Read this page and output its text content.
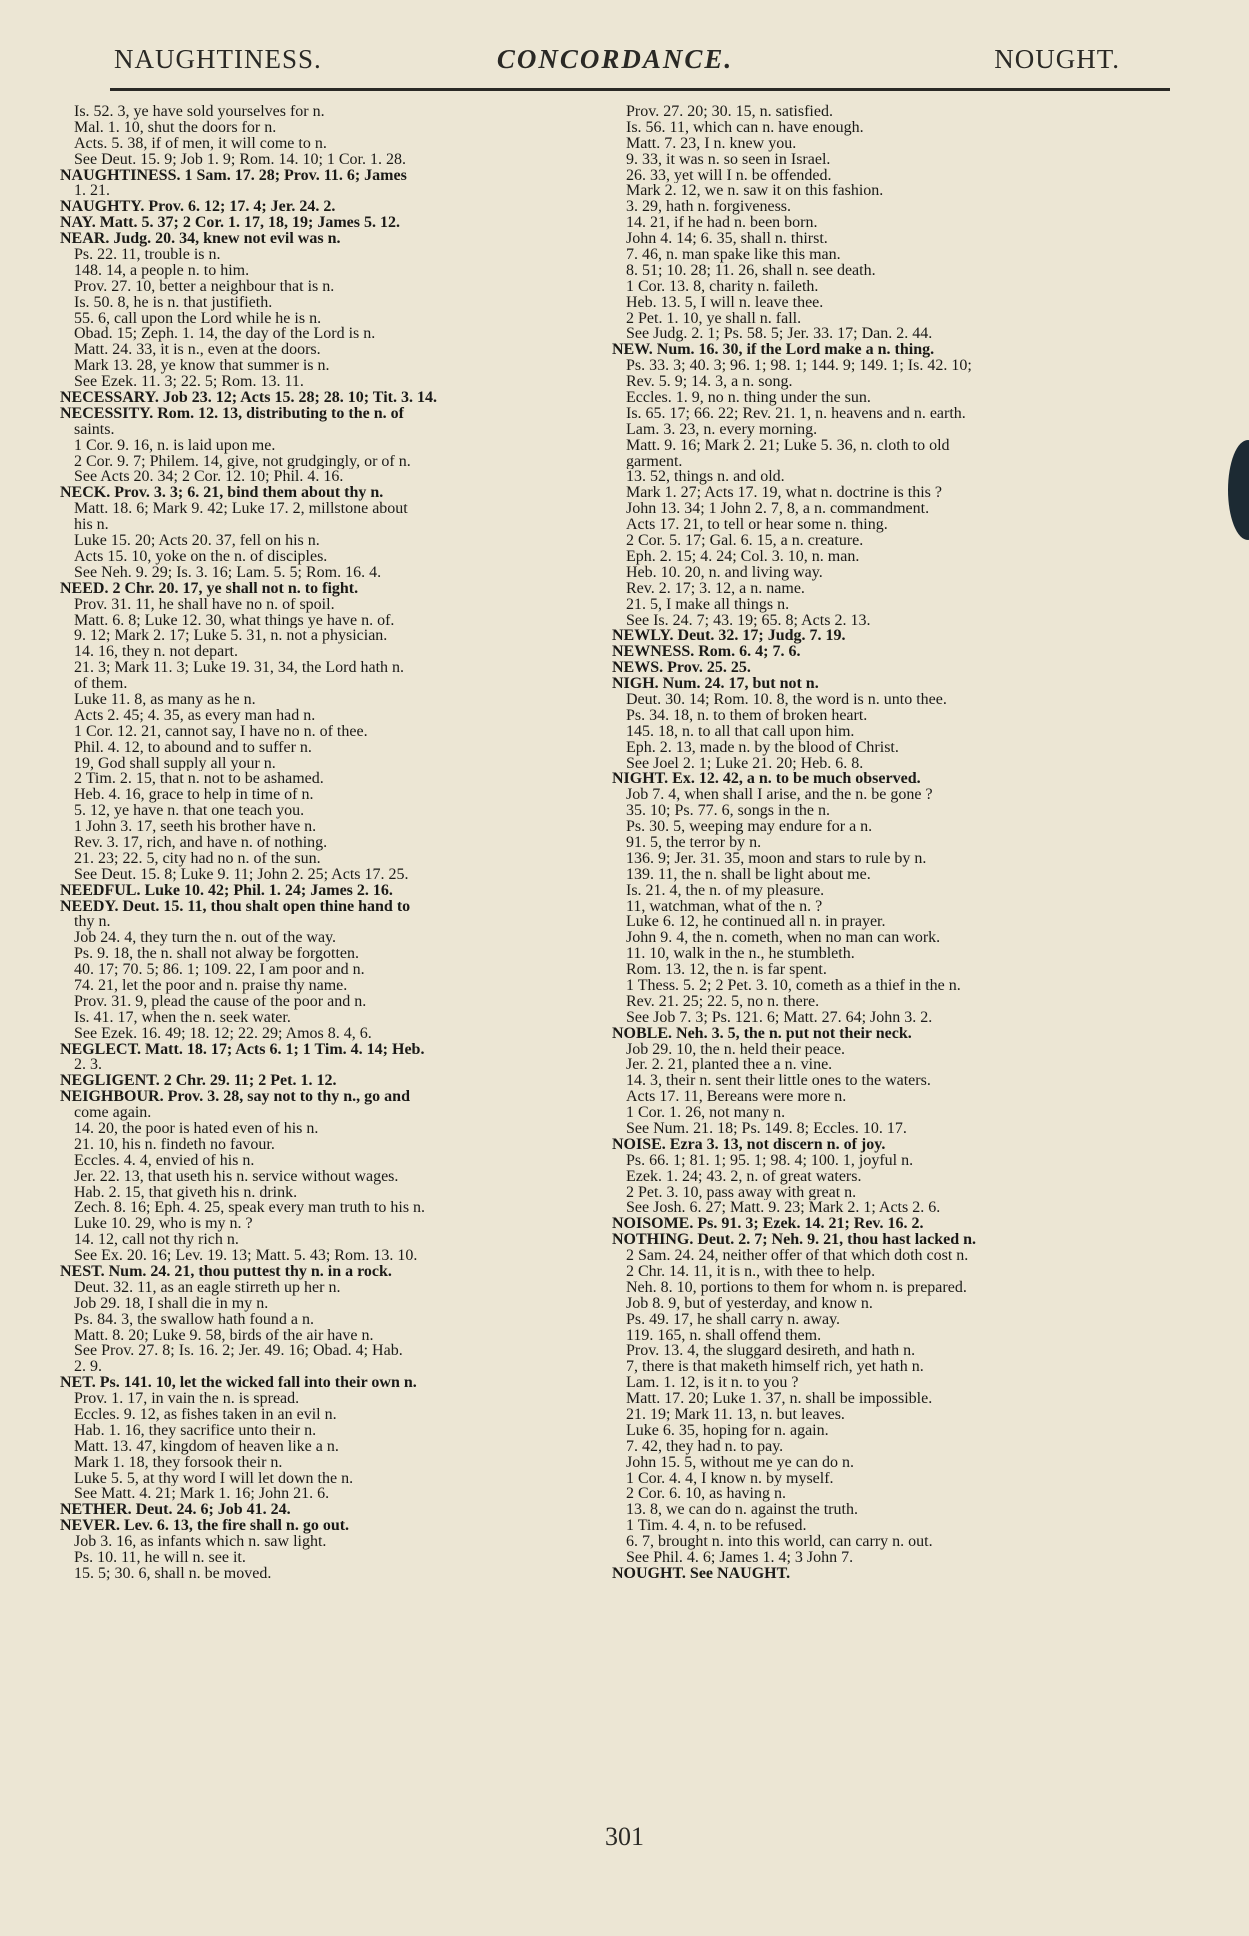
NAUGHTINESS.	CONCORDANCE.	NOUGHT.
Is. 52. 3, ye have sold yourselves for n.
Mal. 1. 10, shut the doors for n.
Acts. 5. 38, if of men, it will come to n.
See Deut. 15. 9; Job 1. 9; Rom. 14. 10; 1 Cor. 1. 28.
NAUGHTINESS. 1 Sam. 17. 28; Prov. 11. 6; James
1. 21.
NAUGHTY. Prov. 6. 12; 17. 4; Jer. 24. 2.
NAY. Matt. 5. 37; 2 Cor. 1. 17, 18, 19; James 5. 12.
NEAR. Judg. 20. 34, knew not evil was n.
Ps. 22. 11, trouble is n.
148. 14, a people n. to him.
Prov. 27. 10, better a neighbour that is n.
Is. 50. 8, he is n. that justifieth.
55. 6, call upon the Lord while he is n.
Obad. 15; Zeph. 1. 14, the day of the Lord is n.
Matt. 24. 33, it is n., even at the doors.
Mark 13. 28, ye know that summer is n.
See Ezek. 11. 3; 22. 5; Rom. 13. 11.
NECESSARY. Job 23. 12; Acts 15. 28; 28. 10; Tit. 3. 14.
NECESSITY. Rom. 12. 13, distributing to the n. of
saints.
1 Cor. 9. 16, n. is laid upon me.
2 Cor. 9. 7; Philem. 14, give, not grudgingly, or of n.
See Acts 20. 34; 2 Cor. 12. 10; Phil. 4. 16.
NECK. Prov. 3. 3; 6. 21, bind them about thy n.
Matt. 18. 6; Mark 9. 42; Luke 17. 2, millstone about
his n.
Luke 15. 20; Acts 20. 37, fell on his n.
Acts 15. 10, yoke on the n. of disciples.
See Neh. 9. 29; Is. 3. 16; Lam. 5. 5; Rom. 16. 4.
NEED. 2 Chr. 20. 17, ye shall not n. to fight.
Prov. 31. 11, he shall have no n. of spoil.
Matt. 6. 8; Luke 12. 30, what things ye have n. of.
9. 12; Mark 2. 17; Luke 5. 31, n. not a physician.
14. 16, they n. not depart.
21. 3; Mark 11. 3; Luke 19. 31, 34, the Lord hath n.
of them.
Luke 11. 8, as many as he n.
Acts 2. 45; 4. 35, as every man had n.
1 Cor. 12. 21, cannot say, I have no n. of thee.
Phil. 4. 12, to abound and to suffer n.
19, God shall supply all your n.
2 Tim. 2. 15, that n. not to be ashamed.
Heb. 4. 16, grace to help in time of n.
5. 12, ye have n. that one teach you.
1 John 3. 17, seeth his brother have n.
Rev. 3. 17, rich, and have n. of nothing.
21. 23; 22. 5, city had no n. of the sun.
See Deut. 15. 8; Luke 9. 11; John 2. 25; Acts 17. 25.
NEEDFUL. Luke 10. 42; Phil. 1. 24; James 2. 16.
NEEDY. Deut. 15. 11, thou shalt open thine hand to
thy n.
Job 24. 4, they turn the n. out of the way.
Ps. 9. 18, the n. shall not alway be forgotten.
40. 17; 70. 5; 86. 1; 109. 22, I am poor and n.
74. 21, let the poor and n. praise thy name.
Prov. 31. 9, plead the cause of the poor and n.
Is. 41. 17, when the n. seek water.
See Ezek. 16. 49; 18. 12; 22. 29; Amos 8. 4, 6.
NEGLECT. Matt. 18. 17; Acts 6. 1; 1 Tim. 4. 14; Heb.
2. 3.
NEGLIGENT. 2 Chr. 29. 11; 2 Pet. 1. 12.
NEIGHBOUR. Prov. 3. 28, say not to thy n., go and
come again.
14. 20, the poor is hated even of his n.
21. 10, his n. findeth no favour.
Eccles. 4. 4, envied of his n.
Jer. 22. 13, that useth his n. service without wages.
Hab. 2. 15, that giveth his n. drink.
Zech. 8. 16; Eph. 4. 25, speak every man truth to his n.
Luke 10. 29, who is my n. ?
14. 12, call not thy rich n.
See Ex. 20. 16; Lev. 19. 13; Matt. 5. 43; Rom. 13. 10.
NEST. Num. 24. 21, thou puttest thy n. in a rock.
Deut. 32. 11, as an eagle stirreth up her n.
Job 29. 18, I shall die in my n.
Ps. 84. 3, the swallow hath found a n.
Matt. 8. 20; Luke 9. 58, birds of the air have n.
See Prov. 27. 8; Is. 16. 2; Jer. 49. 16; Obad. 4; Hab.
2. 9.
NET. Ps. 141. 10, let the wicked fall into their own n.
Prov. 1. 17, in vain the n. is spread.
Eccles. 9. 12, as fishes taken in an evil n.
Hab. 1. 16, they sacrifice unto their n.
Matt. 13. 47, kingdom of heaven like a n.
Mark 1. 18, they forsook their n.
Luke 5. 5, at thy word I will let down the n.
See Matt. 4. 21; Mark 1. 16; John 21. 6.
NETHER. Deut. 24. 6; Job 41. 24.
NEVER. Lev. 6. 13, the fire shall n. go out.
Job 3. 16, as infants which n. saw light.
Ps. 10. 11, he will n. see it.
15. 5; 30. 6, shall n. be moved.
Prov. 27. 20; 30. 15, n. satisfied.
Is. 56. 11, which can n. have enough.
Matt. 7. 23, I n. knew you.
9. 33, it was n. so seen in Israel.
26. 33, yet will I n. be offended.
Mark 2. 12, we n. saw it on this fashion.
3. 29, hath n. forgiveness.
14. 21, if he had n. been born.
John 4. 14; 6. 35, shall n. thirst.
7. 46, n. man spake like this man.
8. 51; 10. 28; 11. 26, shall n. see death.
1 Cor. 13. 8, charity n. faileth.
Heb. 13. 5, I will n. leave thee.
2 Pet. 1. 10, ye shall n. fall.
See Judg. 2. 1; Ps. 58. 5; Jer. 33. 17; Dan. 2. 44.
NEW. Num. 16. 30, if the Lord make a n. thing.
Ps. 33. 3; 40. 3; 96. 1; 98. 1; 144. 9; 149. 1; Is. 42. 10;
Rev. 5. 9; 14. 3, a n. song.
Eccles. 1. 9, no n. thing under the sun.
Is. 65. 17; 66. 22; Rev. 21. 1, n. heavens and n. earth.
Lam. 3. 23, n. every morning.
Matt. 9. 16; Mark 2. 21; Luke 5. 36, n. cloth to old
garment.
13. 52, things n. and old.
Mark 1. 27; Acts 17. 19, what n. doctrine is this ?
John 13. 34; 1 John 2. 7, 8, a n. commandment.
Acts 17. 21, to tell or hear some n. thing.
2 Cor. 5. 17; Gal. 6. 15, a n. creature.
Eph. 2. 15; 4. 24; Col. 3. 10, n. man.
Heb. 10. 20, n. and living way.
Rev. 2. 17; 3. 12, a n. name.
21. 5, I make all things n.
See Is. 24. 7; 43. 19; 65. 8; Acts 2. 13.
NEWLY. Deut. 32. 17; Judg. 7. 19.
NEWNESS. Rom. 6. 4; 7. 6.
NEWS. Prov. 25. 25.
NIGH. Num. 24. 17, but not n.
Deut. 30. 14; Rom. 10. 8, the word is n. unto thee.
Ps. 34. 18, n. to them of broken heart.
145. 18, n. to all that call upon him.
Eph. 2. 13, made n. by the blood of Christ.
See Joel 2. 1; Luke 21. 20; Heb. 6. 8.
NIGHT. Ex. 12. 42, a n. to be much observed.
Job 7. 4, when shall I arise, and the n. be gone ?
35. 10; Ps. 77. 6, songs in the n.
Ps. 30. 5, weeping may endure for a n.
91. 5, the terror by n.
136. 9; Jer. 31. 35, moon and stars to rule by n.
139. 11, the n. shall be light about me.
Is. 21. 4, the n. of my pleasure.
11, watchman, what of the n. ?
Luke 6. 12, he continued all n. in prayer.
John 9. 4, the n. cometh, when no man can work.
11. 10, walk in the n., he stumbleth.
Rom. 13. 12, the n. is far spent.
1 Thess. 5. 2; 2 Pet. 3. 10, cometh as a thief in the n.
Rev. 21. 25; 22. 5, no n. there.
See Job 7. 3; Ps. 121. 6; Matt. 27. 64; John 3. 2.
NOBLE. Neh. 3. 5, the n. put not their neck.
Job 29. 10, the n. held their peace.
Jer. 2. 21, planted thee a n. vine.
14. 3, their n. sent their little ones to the waters.
Acts 17. 11, Bereans were more n.
1 Cor. 1. 26, not many n.
See Num. 21. 18; Ps. 149. 8; Eccles. 10. 17.
NOISE. Ezra 3. 13, not discern n. of joy.
Ps. 66. 1; 81. 1; 95. 1; 98. 4; 100. 1, joyful n.
Ezek. 1. 24; 43. 2, n. of great waters.
2 Pet. 3. 10, pass away with great n.
See Josh. 6. 27; Matt. 9. 23; Mark 2. 1; Acts 2. 6.
NOISOME. Ps. 91. 3; Ezek. 14. 21; Rev. 16. 2.
NOTHING. Deut. 2. 7; Neh. 9. 21, thou hast lacked n.
2 Sam. 24. 24, neither offer of that which doth cost n.
2 Chr. 14. 11, it is n., with thee to help.
Neh. 8. 10, portions to them for whom n. is prepared.
Job 8. 9, but of yesterday, and know n.
Ps. 49. 17, he shall carry n. away.
119. 165, n. shall offend them.
Prov. 13. 4, the sluggard desireth, and hath n.
7, there is that maketh himself rich, yet hath n.
Lam. 1. 12, is it n. to you ?
Matt. 17. 20; Luke 1. 37, n. shall be impossible.
21. 19; Mark 11. 13, n. but leaves.
Luke 6. 35, hoping for n. again.
7. 42, they had n. to pay.
John 15. 5, without me ye can do n.
1 Cor. 4. 4, I know n. by myself.
2 Cor. 6. 10, as having n.
13. 8, we can do n. against the truth.
1 Tim. 4. 4, n. to be refused.
6. 7, brought n. into this world, can carry n. out.
See Phil. 4. 6; James 1. 4; 3 John 7.
NOUGHT. See NAUGHT.
301
